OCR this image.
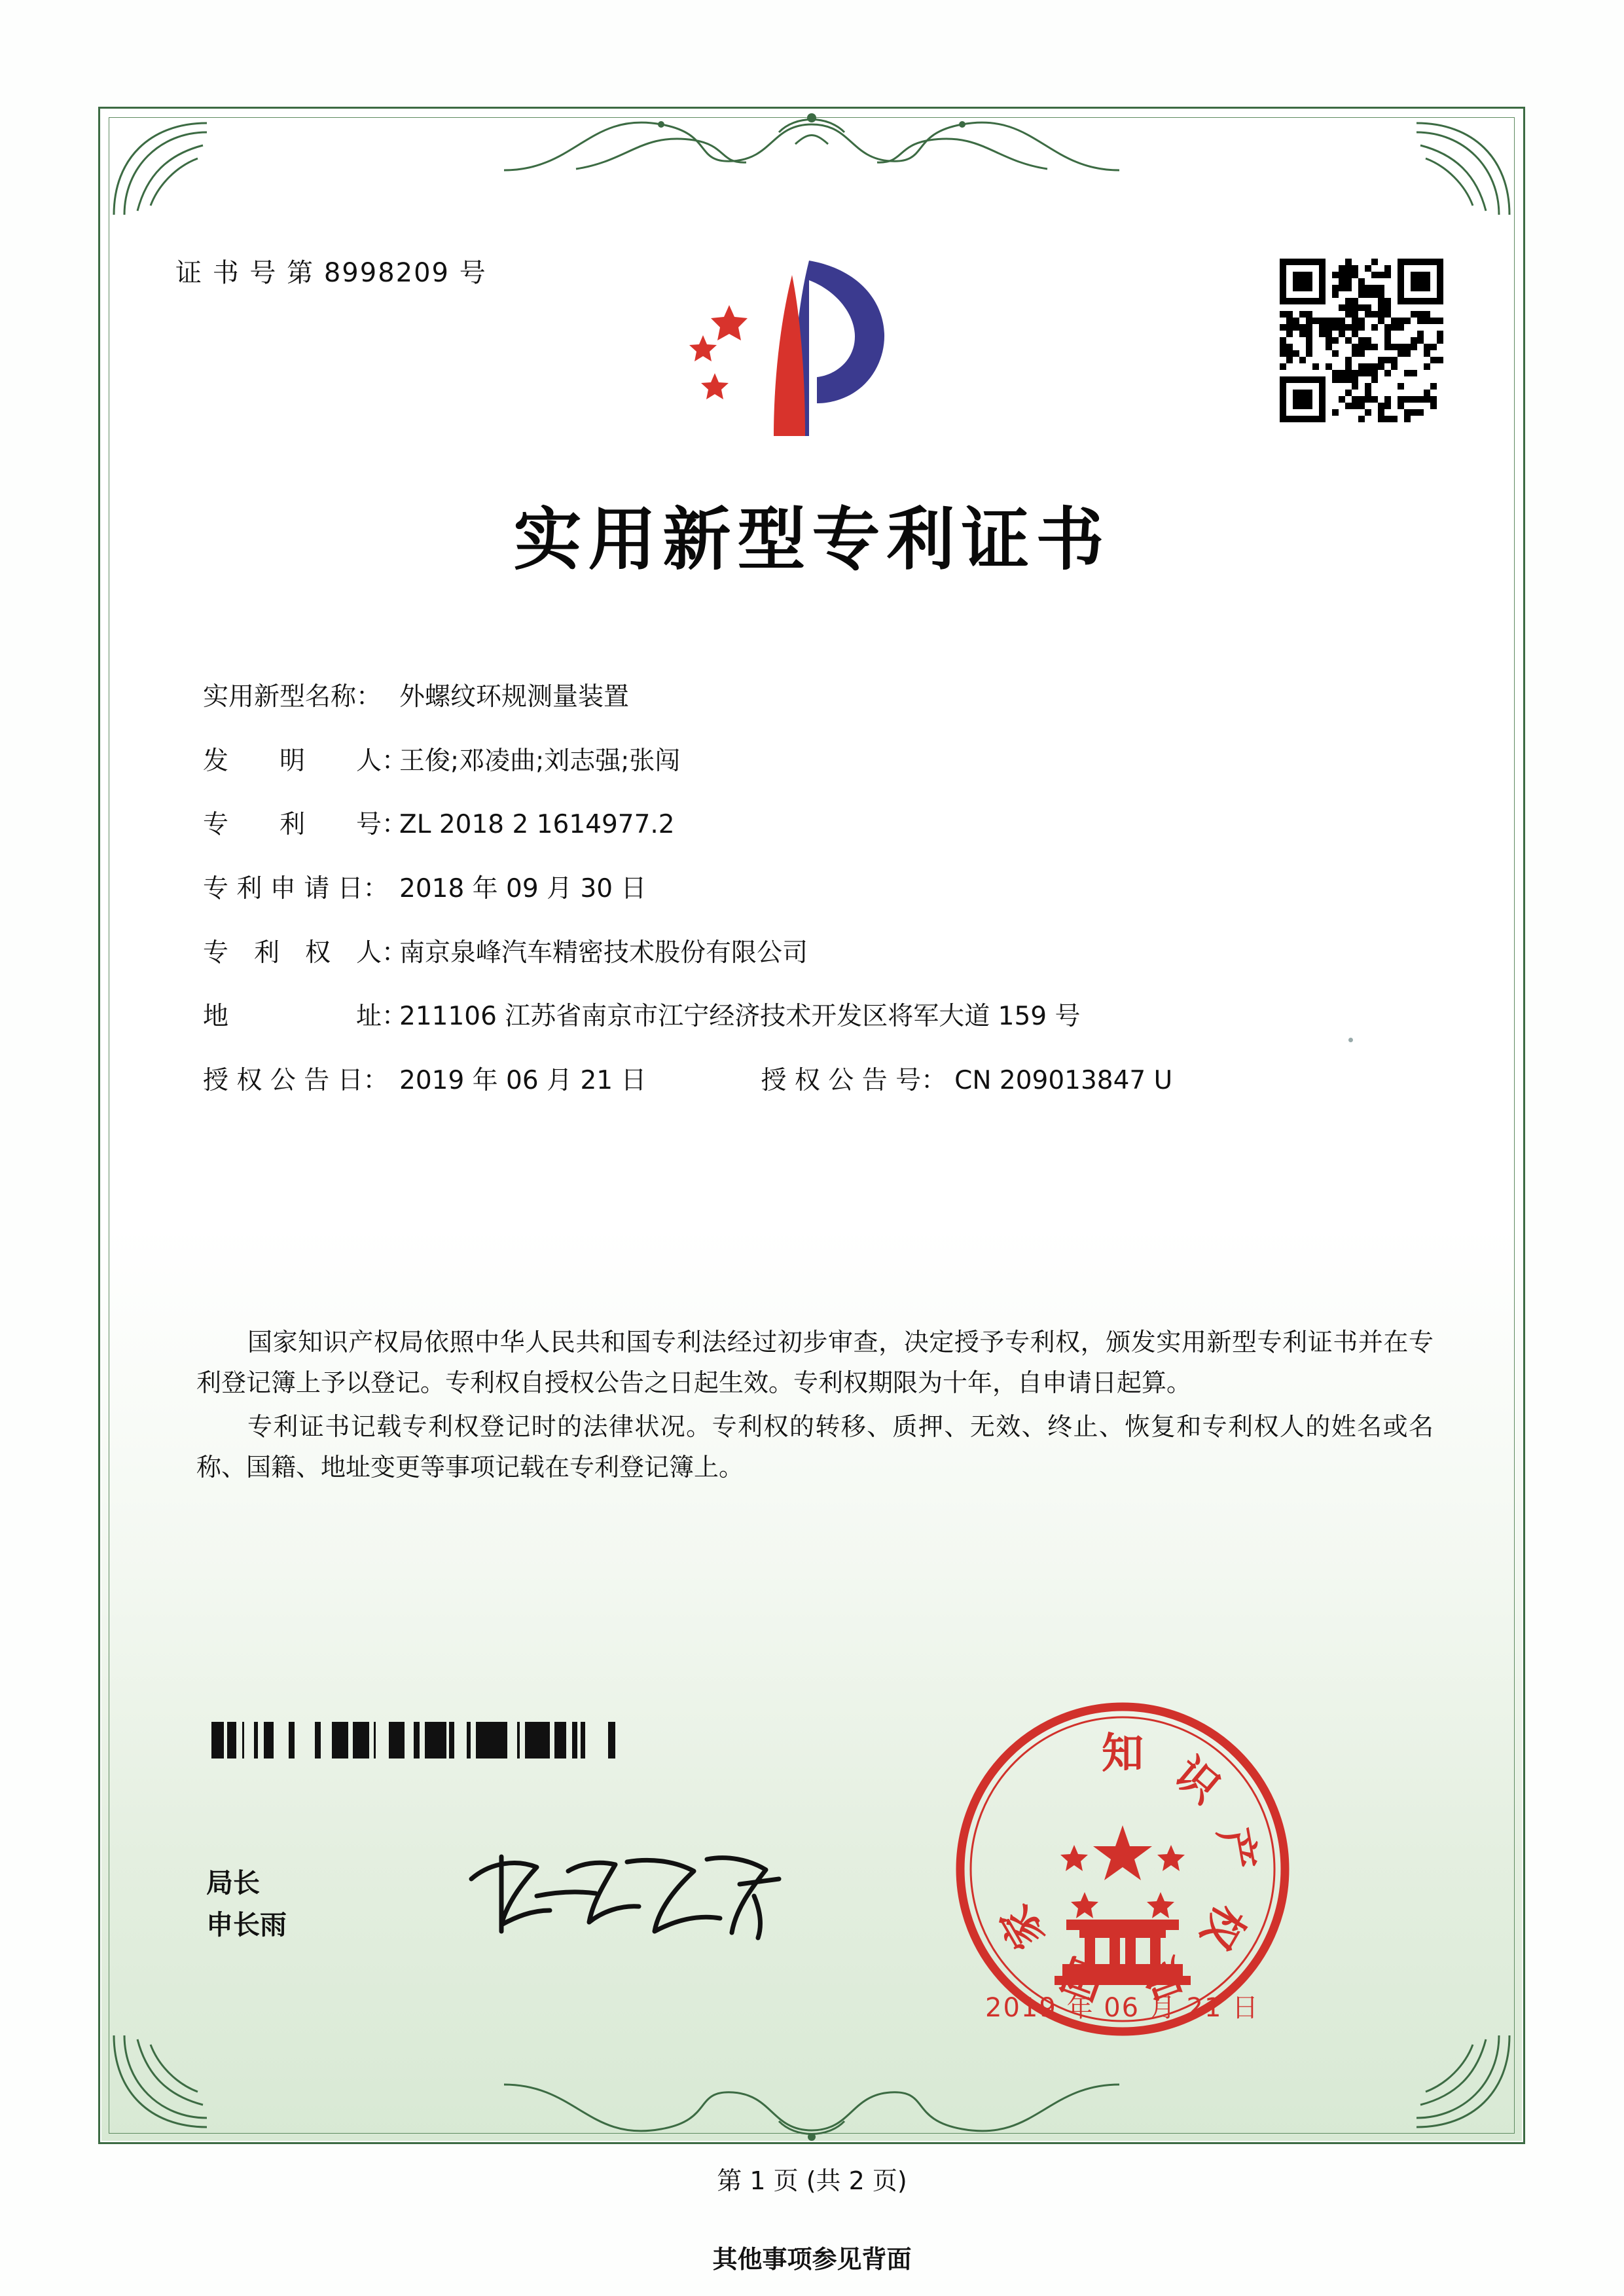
证 书 号 第 8998209 号
实用新型专利证书
实用新型名称： 外螺纹环规测量装置
发　　明　　人：
王俊;邓凌曲;刘志强;张闯
专　　利　　号：
ZL 2018 2 1614977.2
专 利 申 请 日： 2018 年 09 月 30 日
专　利　权　人：
南京泉峰汽车精密技术股份有限公司
地　　　　　址：
211106 江苏省南京市江宁经济技术开发区将军大道 159 号
授 权 公 告 日： 2019 年 06 月 21 日	授 权 公 告 号： CN 209013847 U

国家知识产权局依照中华人民共和国专利法经过初步审查，决定授予专利权，颁发实用新型专利证书并在专利登记簿上予以登记。专利权自授权公告之日起生效。专利权期限为十年，自申请日起算。

专利证书记载专利权登记时的法律状况。专利权的转移、质押、无效、终止、恢复和专利权人的姓名或名称、国籍、地址变更等事项记载在专利登记簿上。

局长
申长雨
知 识
产
权
家
2019 年 06 月 21 日
第 1 页 (共 2 页)
其他事项参见背面
